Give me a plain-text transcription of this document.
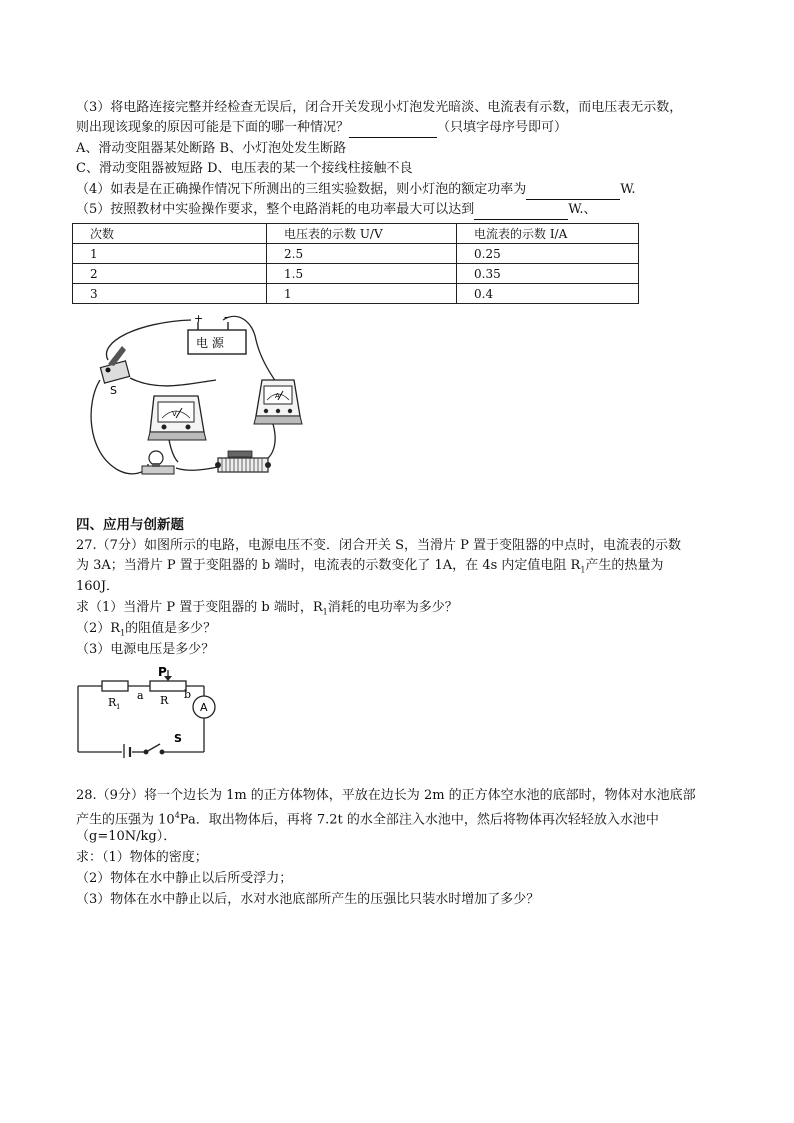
（3）将电路连接完整并经检查无误后，闭合开关发现小灯泡发光暗淡、电流表有示数，而电压表无示数，
则出现该现象的原因可能是下面的哪一种情况？	（只填字母序号即可）
A、滑动变阻器某处断路 B、小灯泡处发生断路
C、滑动变阻器被短路 D、电压表的某一个接线柱接触不良
（4）如表是在正确操作情况下所测出的三组实验数据，则小灯泡的额定功率为	W.
（5）按照教材中实验操作要求，整个电路消耗的电功率最大可以达到	W.、
次数	电压表的示数 U/V	电流表的示数 I/A
1	2.5	0.25
2	1.5	0.35
3	1	0.4
+ -
电 源
S
V
A
四、应用与创新题
27.（7分）如图所示的电路，电源电压不变．闭合开关 S，当滑片 P 置于变阻器的中点时，电流表的示数
为 3A；当滑片 P 置于变阻器的 b 端时，电流表的示数变化了 1A，在 4s 内定值电阻 $R_1$产生的热量为
160J．
求（1）当滑片 P 置于变阻器的 b 端时，$R_1$消耗的电功率为多少？
$(2)R_1$的阻值是多少？
（3）电源电压是多少？
P
R 1
a R b
A
S
28.（9分）将一个边长为 1m 的正方体物体，平放在边长为 2m 的正方体空水池的底部时，物体对水池底部
产生的压强为 $10^4Pa$．取出物体后，再将 7.2t 的水全部注入水池中，然后将物体再次轻轻放入水池中
（g=10N/kg）．
求：（1）物体的密度；
（2）物体在水中静止以后所受浮力；
（3）物体在水中静止以后，水对水池底部所产生的压强比只装水时增加了多少？
